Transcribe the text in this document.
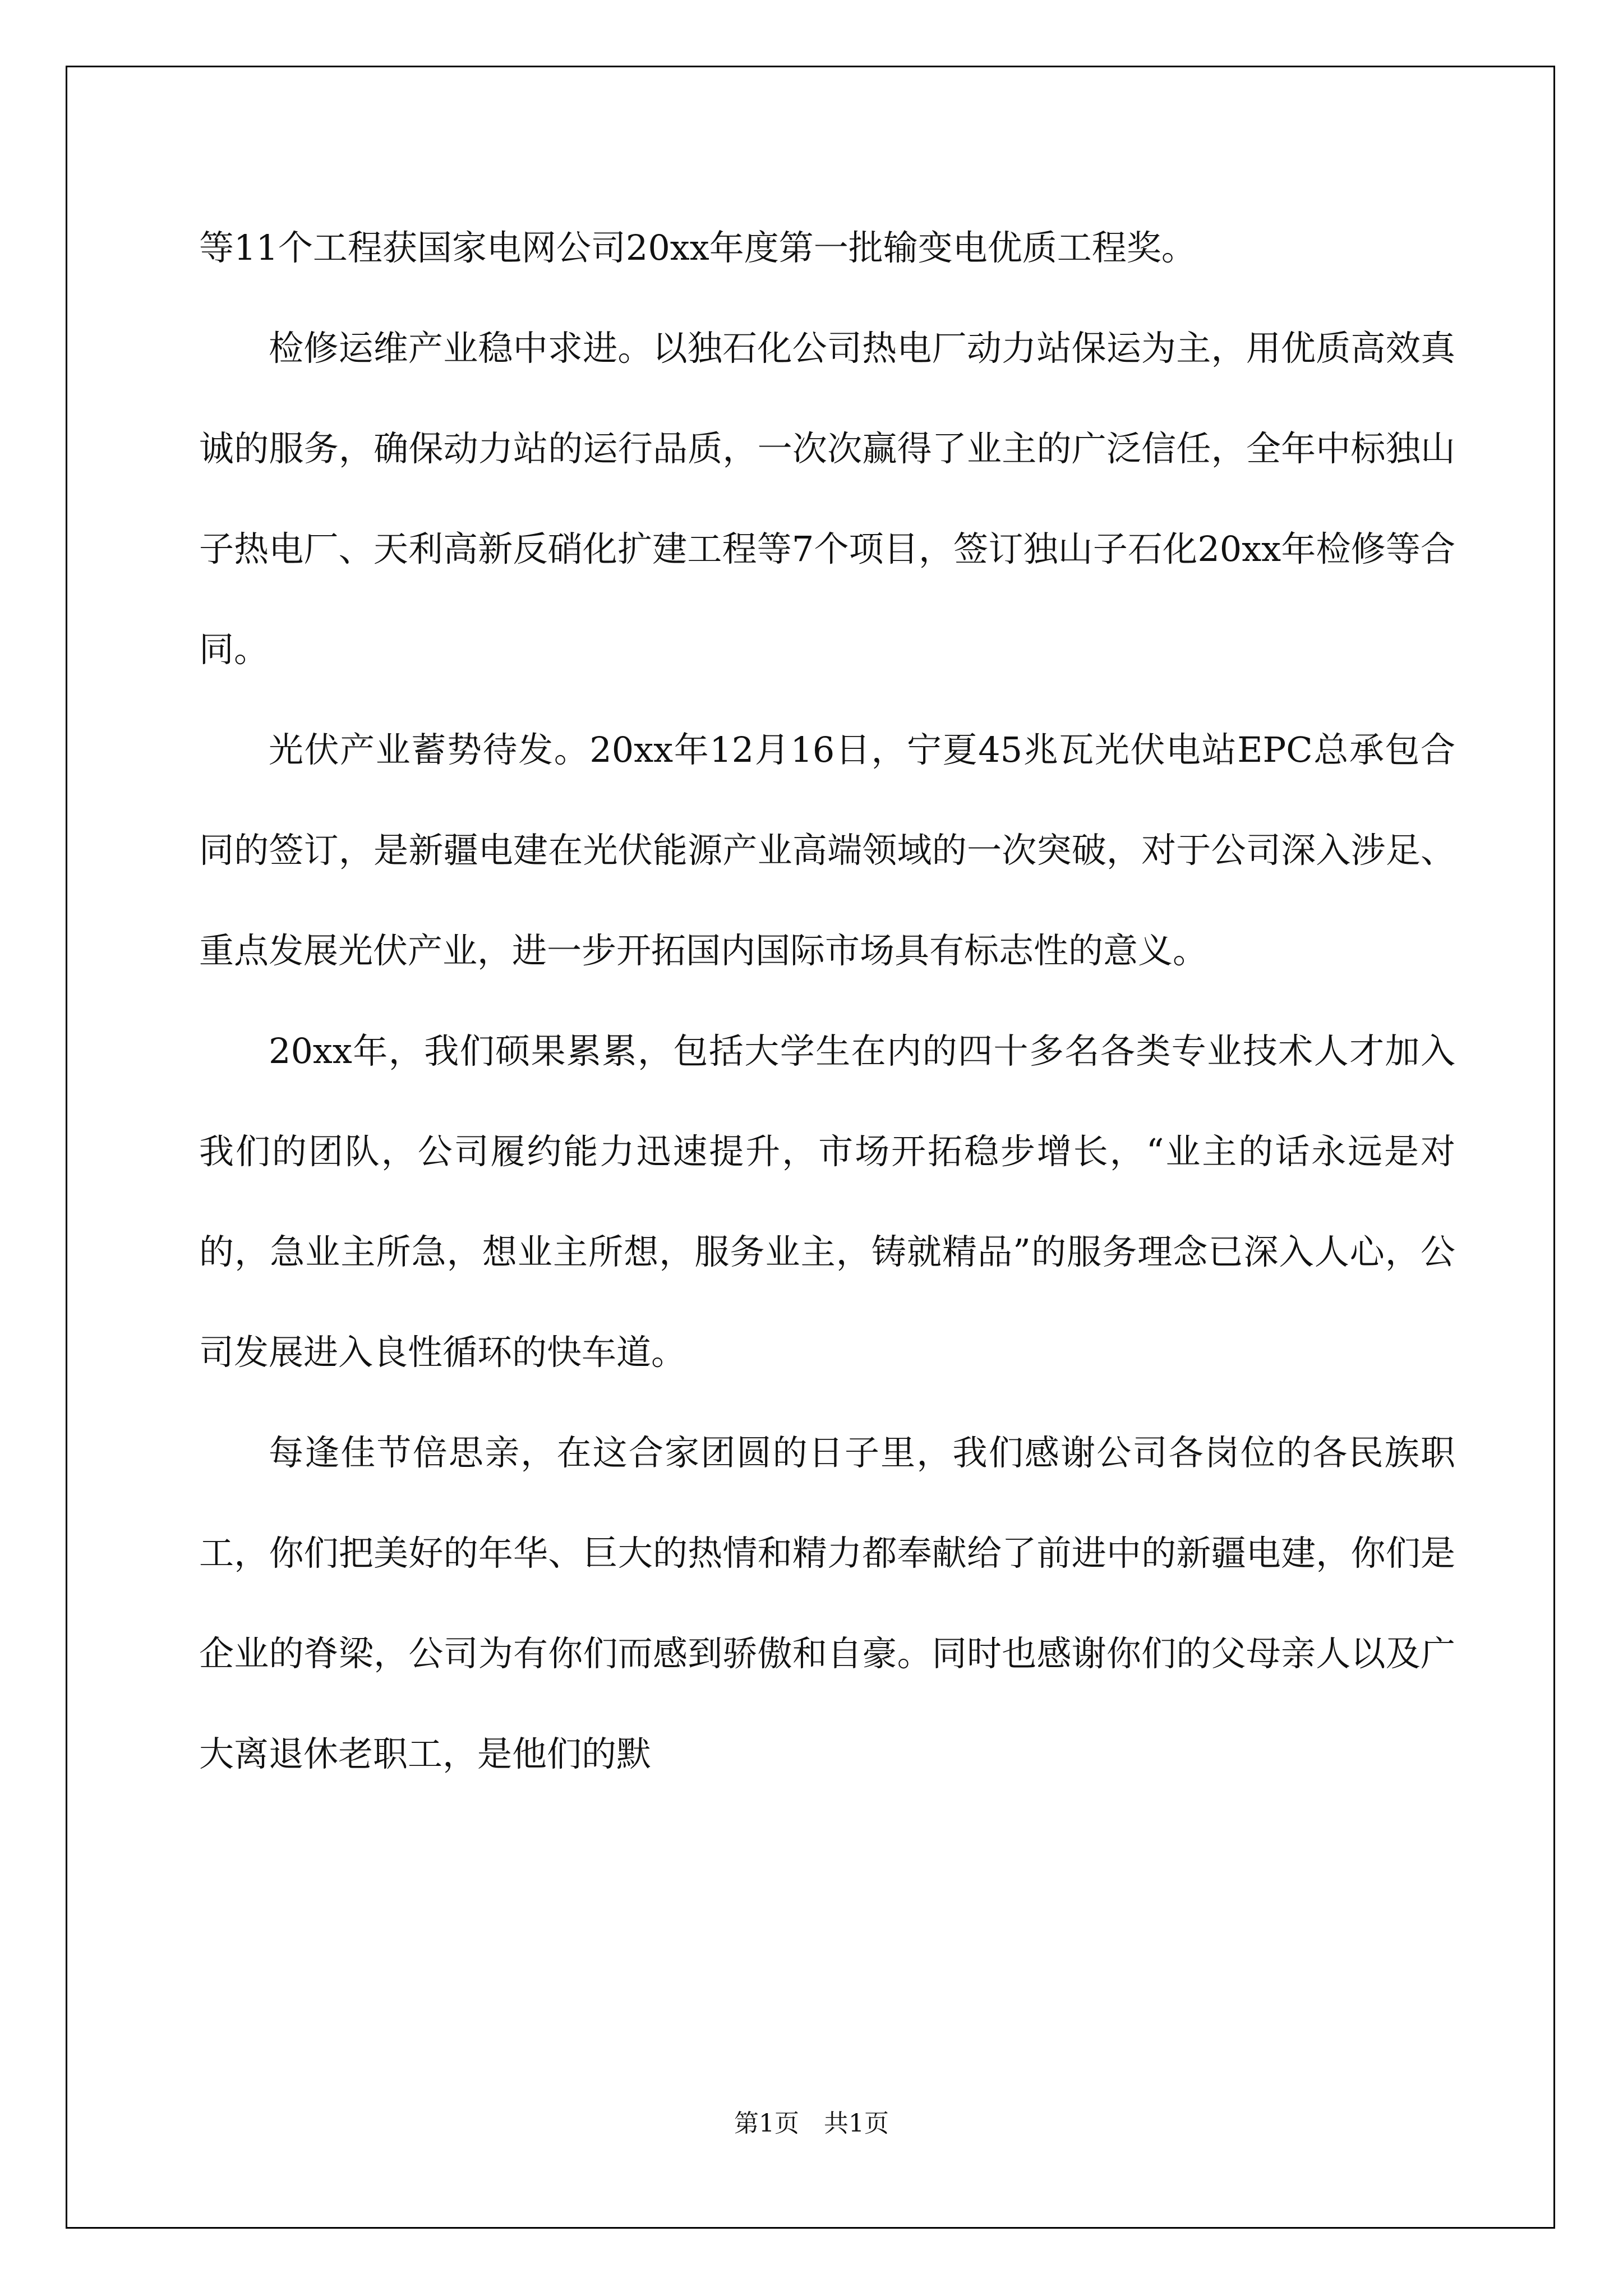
等11个工程获国家电网公司20xx年度第一批输变电优质工程奖。

检修运维产业稳中求进。以独石化公司热电厂动力站保运为主，用优质高效真诚的服务，确保动力站的运行品质，一次次赢得了业主的广泛信任，全年中标独山子热电厂、天利高新反硝化扩建工程等7个项目，签订独山子石化20xx年检修等合同。

光伏产业蓄势待发。20xx年12月16日，宁夏45兆瓦光伏电站EPC总承包合同的签订，是新疆电建在光伏能源产业高端领域的一次突破，对于公司深入涉足、重点发展光伏产业，进一步开拓国内国际市场具有标志性的意义。

20xx年，我们硕果累累，包括大学生在内的四十多名各类专业技术人才加入我们的团队，公司履约能力迅速提升，市场开拓稳步增长，“业主的话永远是对的，急业主所急，想业主所想，服务业主，铸就精品”的服务理念已深入人心，公司发展进入良性循环的快车道。

每逢佳节倍思亲，在这合家团圆的日子里，我们感谢公司各岗位的各民族职工，你们把美好的年华、巨大的热情和精力都奉献给了前进中的新疆电建，你们是企业的脊梁，公司为有你们而感到骄傲和自豪。同时也感谢你们的父母亲人以及广大离退休老职工，是他们的默

第1页 共1页
